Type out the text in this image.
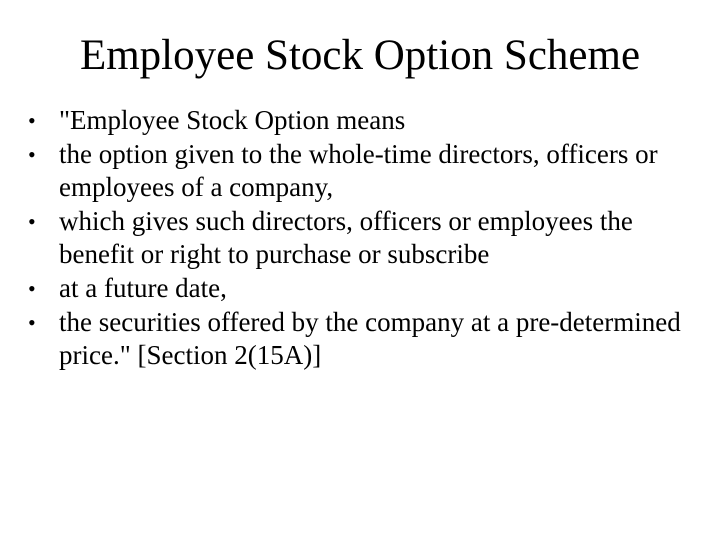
Employee Stock Option Scheme
• "Employee Stock Option means
• the option given to the whole-time directors, officers or employees of a company,
• which gives such directors, officers or employees the benefit or right to purchase or subscribe
• at a future date,
• the securities offered by the company at a pre-determined price." [Section 2(15A)]
